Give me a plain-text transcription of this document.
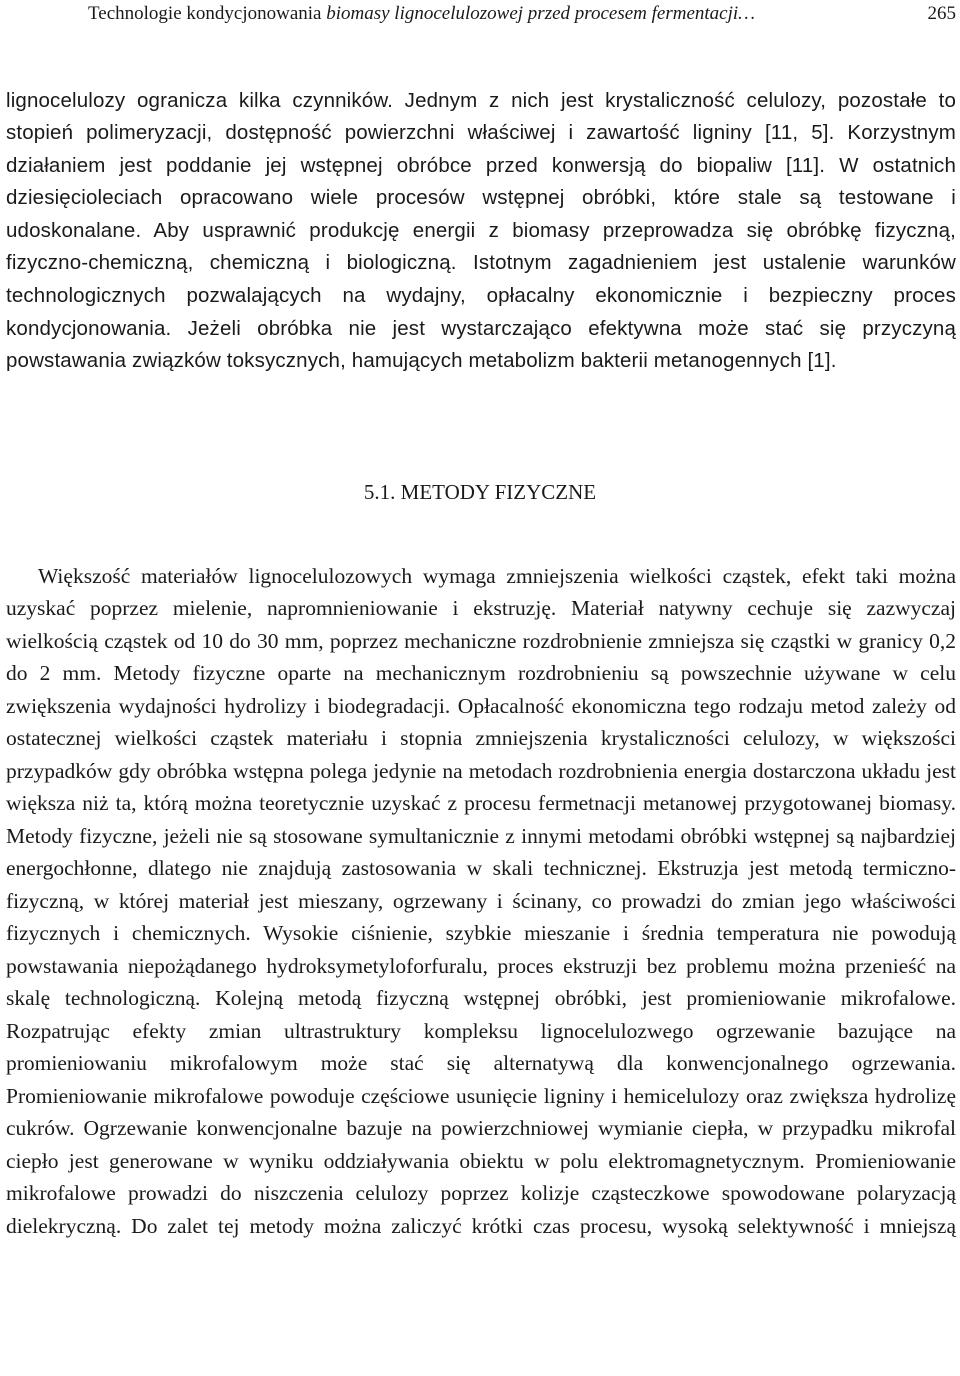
Technologie kondycjonowania biomasy lignocelulozowej przed procesem fermentacji…	265

lignocelulozy ogranicza kilka czynników. Jednym z nich jest krystaliczność celulozy, pozostałe to stopień polimeryzacji, dostępność powierzchni właściwej i zawartość ligniny [11, 5]. Korzystnym działaniem jest poddanie jej wstępnej obróbce przed konwersją do biopaliw [11]. W ostatnich dziesięcioleciach opracowano wiele procesów wstępnej obróbki, które stale są testowane i udoskonalane. Aby usprawnić produkcję energii z biomasy przeprowadza się obróbkę fizyczną, fizyczno-chemiczną, chemiczną i biologiczną. Istotnym zagadnieniem jest ustalenie warunków technologicznych pozwalających na wydajny, opłacalny ekonomicznie i bezpieczny proces kondycjonowania. Jeżeli obróbka nie jest wystarczająco efektywna może stać się przyczyną powstawania związków toksycznych, hamujących metabolizm bakterii metanogennych [1].

5.1. METODY FIZYCZNE

Większość materiałów lignocelulozowych wymaga zmniejszenia wielkości cząstek, efekt taki można uzyskać poprzez mielenie, napromnieniowanie i ekstruzję. Materiał natywny cechuje się zazwyczaj wielkością cząstek od 10 do 30 mm, poprzez mechaniczne rozdrobnienie zmniejsza się cząstki w granicy 0,2 do 2 mm. Metody fizyczne oparte na mechanicznym rozdrobnieniu są powszechnie używane w celu zwiększenia wydajności hydrolizy i biodegradacji. Opłacalność ekonomiczna tego rodzaju metod zależy od ostatecznej wielkości cząstek materiału i stopnia zmniejszenia krystaliczności celulozy, w większości przypadków gdy obróbka wstępna polega jedynie na metodach rozdrobnienia energia dostarczona układu jest większa niż ta, którą można teoretycznie uzyskać z procesu fermetnacji metanowej przygotowanej biomasy. Metody fizyczne, jeżeli nie są stosowane symultanicznie z innymi metodami obróbki wstępnej są najbardziej energochłonne, dlatego nie znajdują zastosowania w skali technicznej. Ekstruzja jest metodą termiczno- fizyczną, w której materiał jest mieszany, ogrzewany i ścinany, co prowadzi do zmian jego właściwości fizycznych i chemicznych. Wysokie ciśnienie, szybkie mieszanie i średnia temperatura nie powodują powstawania niepożądanego hydroksymetyloforfuralu, proces ekstruzji bez problemu można przenieść na skalę technologiczną. Kolejną metodą fizyczną wstępnej obróbki, jest promieniowanie mikrofalowe. Rozpatrując efekty zmian ultrastruktury kompleksu lignocelulozwego ogrzewanie bazujące na promieniowaniu mikrofalowym może stać się alternatywą dla konwencjonalnego ogrzewania. Promieniowanie mikrofalowe powoduje częściowe usunięcie ligniny i hemicelulozy oraz zwiększa hydrolizę cukrów. Ogrzewanie konwencjonalne bazuje na powierzchniowej wymianie ciepła, w przypadku mikrofal ciepło jest generowane w wyniku oddziaływania obiektu w polu elektromagnetycznym. Promieniowanie mikrofalowe prowadzi do niszczenia celulozy poprzez kolizje cząsteczkowe spowodowane polaryzacją dielekryczną. Do zalet tej metody można zaliczyć krótki czas procesu, wysoką selektywność i mniejszą
